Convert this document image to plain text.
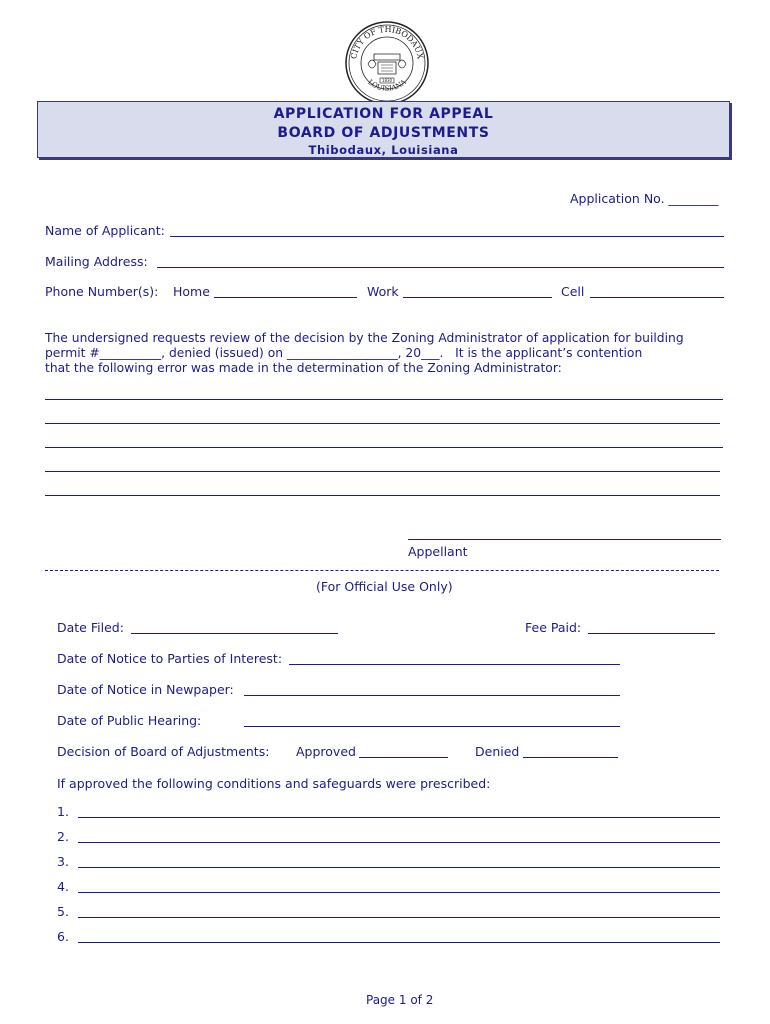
CITY OF THIBODAUX
LOUISIANA
1830
APPLICATION FOR APPEAL
BOARD OF ADJUSTMENTS
Thibodaux, Louisiana
Application No. ________
Name of Applicant:
Mailing Address:
Phone Number(s): Home	Work	Cell
The undersigned requests review of the decision by the Zoning Administrator of application for building
permit #__________, denied (issued) on __________________, 20___.   It is the applicant’s contention
that the following error was made in the determination of the Zoning Administrator:
Appellant
(For Official Use Only)
Date Filed:	Fee Paid:
Date of Notice to Parties of Interest:
Date of Notice in Newpaper:
Date of Public Hearing:
Decision of Board of Adjustments: Approved	Denied
If approved the following conditions and safeguards were prescribed:
1.
2.
3.
4.
5.
6.
Page 1 of 2
